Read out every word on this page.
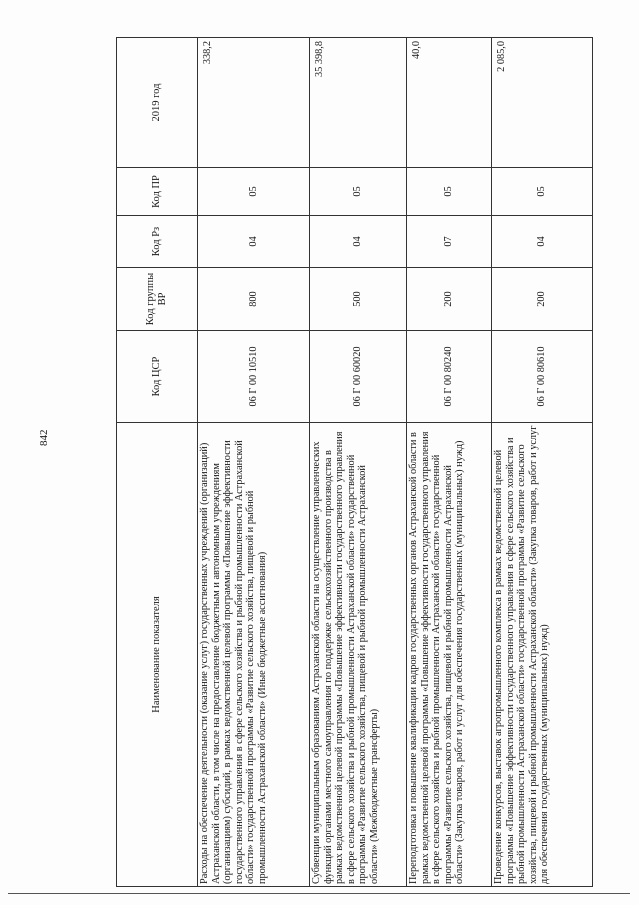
842
Наименование показателя	Код ЦСР	Код группы ВР	Код Рз	Код ПР	2019 год
Расходы на обеспечение деятельности (оказание услуг) государственных учреждений (организаций) Астраханской области, в том числе на предоставление бюджетным и автономным учреждениям (организациям) субсидий, в рамках ведомственной целевой программы «Повышение эффективности государственного управления в сфере сельского хозяйства и рыбной промышленности Астраханской области» государственной программы «Развитие сельского хозяйства, пищевой и рыбной промышленности Астраханской области» (Иные бюджетные ассигнования)	06 Г 00 10510	800	04	05	338,2
Субвенции муниципальным образованиям Астраханской области на осуществление управленческих функций органами местного самоуправления по поддержке сельскохозяйственного производства в рамках ведомственной целевой программы «Повышение эффективности государственного управления в сфере сельского хозяйства и рыбной промышленности Астраханской области» государственной программы «Развитие сельского хозяйства, пищевой и рыбной промышленности Астраханской области» (Межбюджетные трансферты)	06 Г 00 60020	500	04	05	35 398,8
Переподготовка и повышение квалификации кадров государственных органов Астраханской области в рамках ведомственной целевой программы «Повышение эффективности государственного управления в сфере сельского хозяйства и рыбной промышленности Астраханской области» государственной программы «Развитие сельского хозяйства, пищевой и рыбной промышленности Астраханской области» (Закупка товаров, работ и услуг для обеспечения государственных (муниципальных) нужд)	06 Г 00 80240	200	07	05	40,0
Проведение конкурсов, выставок агропромышленного комплекса в рамках ведомственной целевой программы «Повышение эффективности государственного управления в сфере сельского хозяйства и рыбной промышленности Астраханской области» государственной программы «Развитие сельского хозяйства, пищевой и рыбной промышленности Астраханской области» (Закупка товаров, работ и услуг для обеспечения государственных (муниципальных) нужд)	06 Г 00 80610	200	04	05	2 085,0
